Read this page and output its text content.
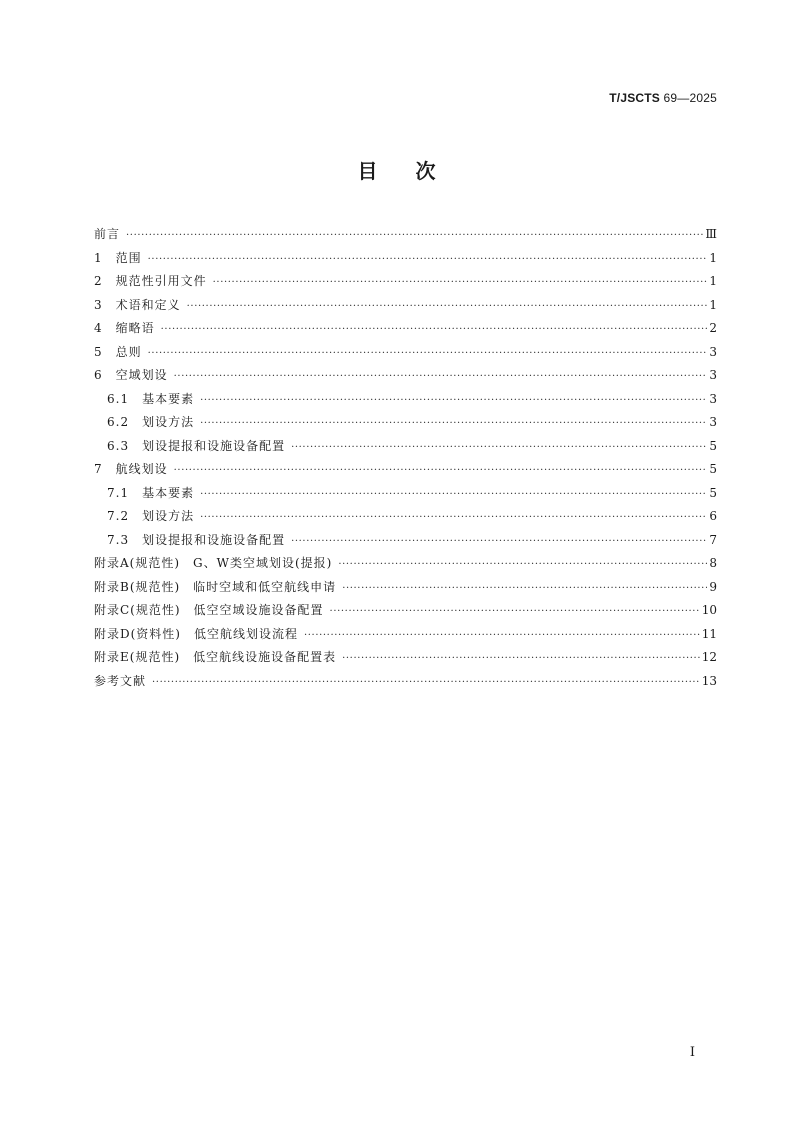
T/JSCTS 69—2025
目次
前言 ·····	Ⅲ
1　范围 ·····	1
2　规范性引用文件 ·····	1
3　术语和定义 ·····	1
4　缩略语 ·····	2
5　总则 ·····	3
6　空域划设 ·····	3
6.1　基本要素 ·····	3
6.2　划设方法 ·····	3
6.3　划设提报和设施设备配置 ·····	5
7　航线划设 ·····	5
7.1　基本要素 ·····	5
7.2　划设方法 ·····	6
7.3　划设提报和设施设备配置 ·····	7
附录A(规范性)　G、W类空域划设(提报) ·····	8
附录B(规范性)　临时空域和低空航线申请 ·····	9
附录C(规范性)　低空空域设施设备配置 ·····	10
附录D(资料性)　低空航线划设流程 ·····	11
附录E(规范性)　低空航线设施设备配置表 ·····	12
参考文献 ·····	13
I
